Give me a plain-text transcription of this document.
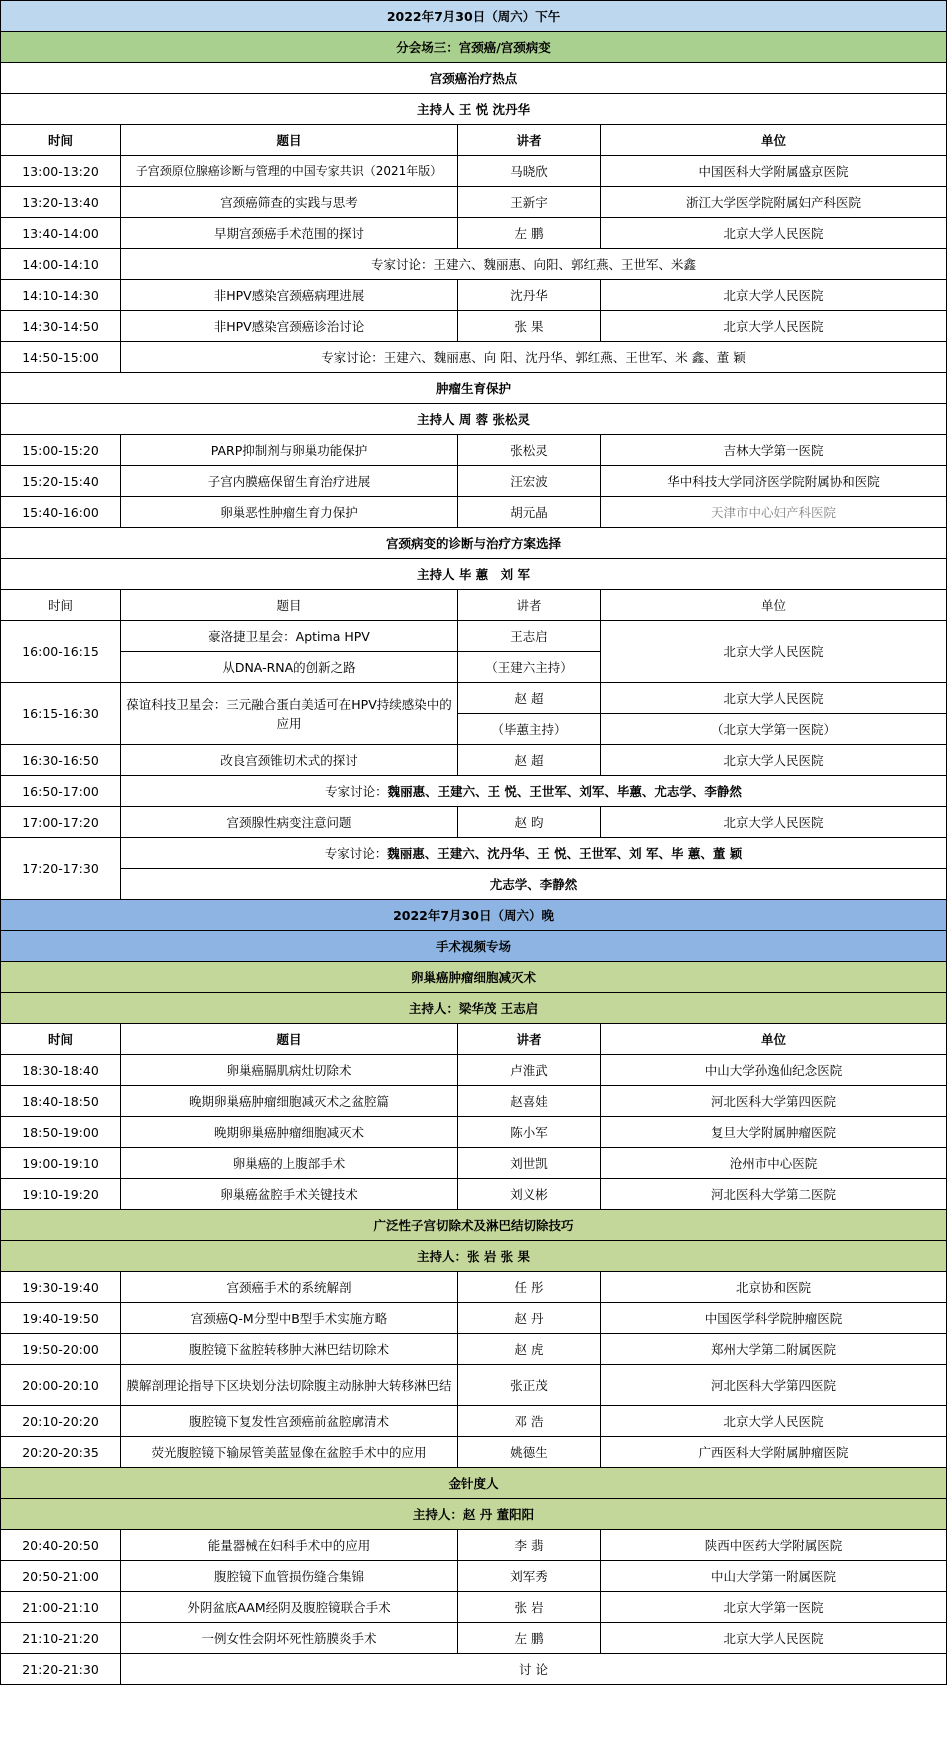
2022年7月30日（周六）下午			
分会场三：宫颈癌/宫颈病变			
宫颈癌治疗热点			
主持人 王 悦 沈丹华			
时间	题目	讲者	单位
13:00-13:20	子宫颈原位腺癌诊断与管理的中国专家共识（2021年版）	马晓欣	中国医科大学附属盛京医院
13:20-13:40	宫颈癌筛查的实践与思考	王新宇	浙江大学医学院附属妇产科医院
13:40-14:00	早期宫颈癌手术范围的探讨	左 鹏	北京大学人民医院
14:00-14:10	专家讨论：王建六、魏丽惠、向阳、郭红燕、王世军、米鑫		
14:10-14:30	非HPV感染宫颈癌病理进展	沈丹华	北京大学人民医院
14:30-14:50	非HPV感染宫颈癌诊治讨论	张 果	北京大学人民医院
14:50-15:00	专家讨论：王建六、魏丽惠、向 阳、沈丹华、郭红燕、王世军、米 鑫、董 颖		
肿瘤生育保护			
主持人 周 蓉 张松灵			
15:00-15:20	PARP抑制剂与卵巢功能保护	张松灵	吉林大学第一医院
15:20-15:40	子宫内膜癌保留生育治疗进展	汪宏波	华中科技大学同济医学院附属协和医院
15:40-16:00	卵巢恶性肿瘤生育力保护	胡元晶	天津市中心妇产科医院
宫颈病变的诊断与治疗方案选择			
主持人 毕 蕙　刘 军			
时间	题目	讲者	单位
16:00-16:15	豪洛捷卫星会：Aptima HPV	王志启	北京大学人民医院
	从DNA-RNA的创新之路	（王建六主持）	
16:15-16:30	葆谊科技卫星会：三元融合蛋白美适可在HPV持续感染中的应用	赵 超	北京大学人民医院
		（毕蕙主持）	（北京大学第一医院）
16:30-16:50	改良宫颈锥切术式的探讨	赵 超	北京大学人民医院
16:50-17:00	专家讨论：魏丽惠、王建六、王 悦、王世军、刘军、毕蕙、尤志学、李静然		
17:00-17:20	宫颈腺性病变注意问题	赵 昀	北京大学人民医院
17:20-17:30	专家讨论：魏丽惠、王建六、沈丹华、王 悦、王世军、刘 军、毕 蕙、董 颖		
	尤志学、李静然		
2022年7月30日（周六）晚			
手术视频专场			
卵巢癌肿瘤细胞减灭术			
主持人：梁华茂 王志启			
时间	题目	讲者	单位
18:30-18:40	卵巢癌膈肌病灶切除术	卢淮武	中山大学孙逸仙纪念医院
18:40-18:50	晚期卵巢癌肿瘤细胞减灭术之盆腔篇	赵喜娃	河北医科大学第四医院
18:50-19:00	晚期卵巢癌肿瘤细胞减灭术	陈小军	复旦大学附属肿瘤医院
19:00-19:10	卵巢癌的上腹部手术	刘世凯	沧州市中心医院
19:10-19:20	卵巢癌盆腔手术关键技术	刘义彬	河北医科大学第二医院
广泛性子宫切除术及淋巴结切除技巧			
主持人：张 岩 张 果			
19:30-19:40	宫颈癌手术的系统解剖	任 彤	北京协和医院
19:40-19:50	宫颈癌Q-M分型中B型手术实施方略	赵 丹	中国医学科学院肿瘤医院
19:50-20:00	腹腔镜下盆腔转移肿大淋巴结切除术	赵 虎	郑州大学第二附属医院
20:00-20:10	膜解剖理论指导下区块划分法切除腹主动脉肿大转移淋巴结	张正茂	河北医科大学第四医院
20:10-20:20	腹腔镜下复发性宫颈癌前盆腔廓清术	邓 浩	北京大学人民医院
20:20-20:35	荧光腹腔镜下输尿管美蓝显像在盆腔手术中的应用	姚德生	广西医科大学附属肿瘤医院
金针度人			
主持人：赵 丹 董阳阳			
20:40-20:50	能量器械在妇科手术中的应用	李 翡	陕西中医药大学附属医院
20:50-21:00	腹腔镜下血管损伤缝合集锦	刘军秀	中山大学第一附属医院
21:00-21:10	外阴盆底AAM经阴及腹腔镜联合手术	张 岩	北京大学第一医院
21:10-21:20	一例女性会阴坏死性筋膜炎手术	左 鹏	北京大学人民医院
21:20-21:30	讨 论		
